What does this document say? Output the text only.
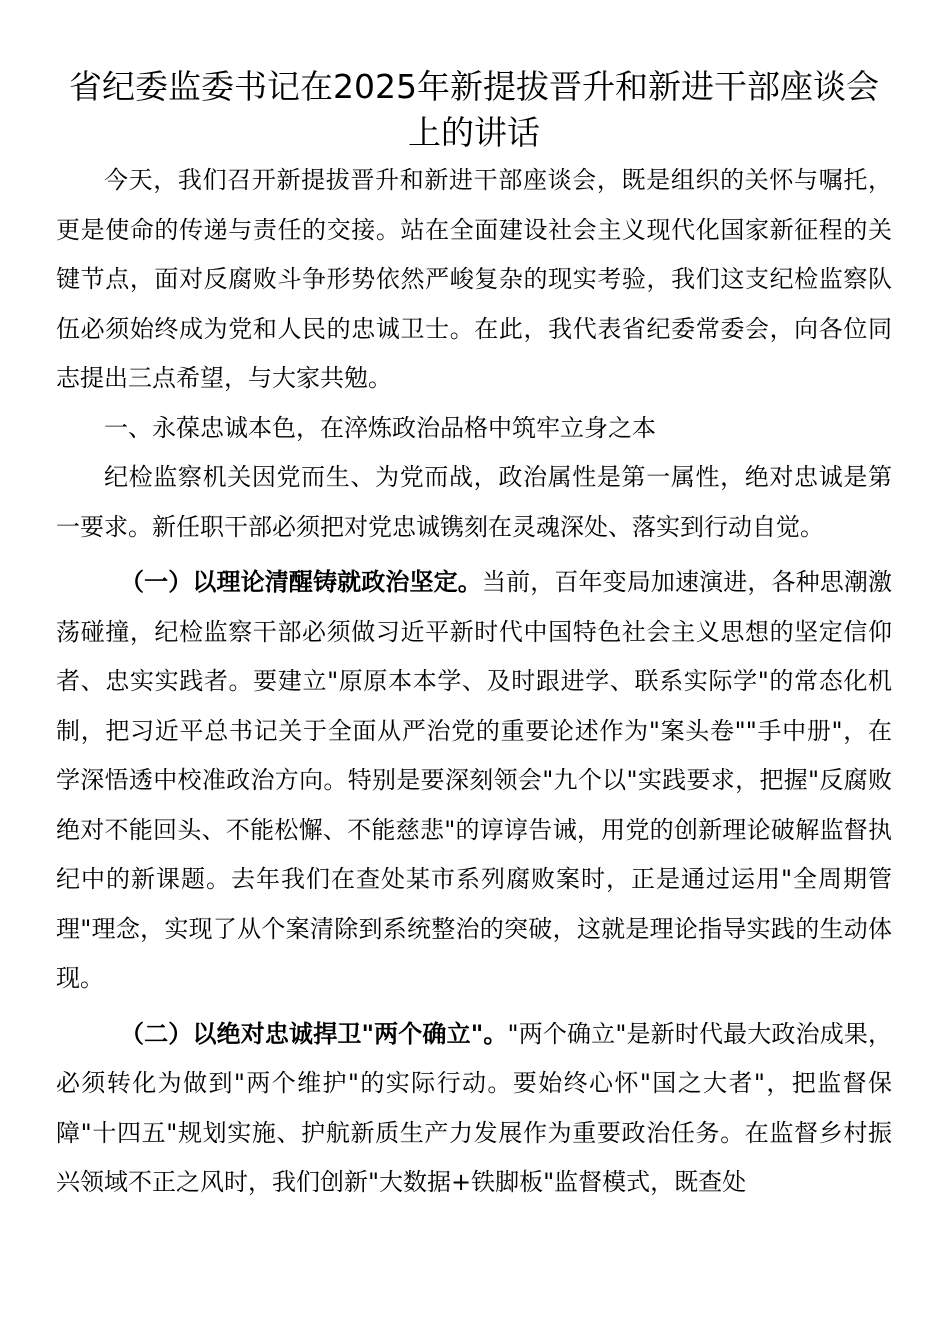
省纪委监委书记在2025年新提拔晋升和新进干部座谈会上的讲话

今天，我们召开新提拔晋升和新进干部座谈会，既是组织的关怀与嘱托，更是使命的传递与责任的交接。站在全面建设社会主义现代化国家新征程的关键节点，面对反腐败斗争形势依然严峻复杂的现实考验，我们这支纪检监察队伍必须始终成为党和人民的忠诚卫士。在此，我代表省纪委常委会，向各位同志提出三点希望，与大家共勉。

一、永葆忠诚本色，在淬炼政治品格中筑牢立身之本

纪检监察机关因党而生、为党而战，政治属性是第一属性，绝对忠诚是第一要求。新任职干部必须把对党忠诚镌刻在灵魂深处、落实到行动自觉。

（一）以理论清醒铸就政治坚定。当前，百年变局加速演进，各种思潮激荡碰撞，纪检监察干部必须做习近平新时代中国特色社会主义思想的坚定信仰者、忠实实践者。要建立"原原本本学、及时跟进学、联系实际学"的常态化机制，把习近平总书记关于全面从严治党的重要论述作为"案头卷""手中册"，在学深悟透中校准政治方向。特别是要深刻领会"九个以"实践要求，把握"反腐败绝对不能回头、不能松懈、不能慈悲"的谆谆告诫，用党的创新理论破解监督执纪中的新课题。去年我们在查处某市系列腐败案时，正是通过运用"全周期管理"理念，实现了从个案清除到系统整治的突破，这就是理论指导实践的生动体现。

（二）以绝对忠诚捍卫"两个确立"。"两个确立"是新时代最大政治成果，必须转化为做到"两个维护"的实际行动。要始终心怀"国之大者"，把监督保障"十四五"规划实施、护航新质生产力发展作为重要政治任务。在监督乡村振兴领域不正之风时，我们创新"大数据+铁脚板"监督模式，既查处
